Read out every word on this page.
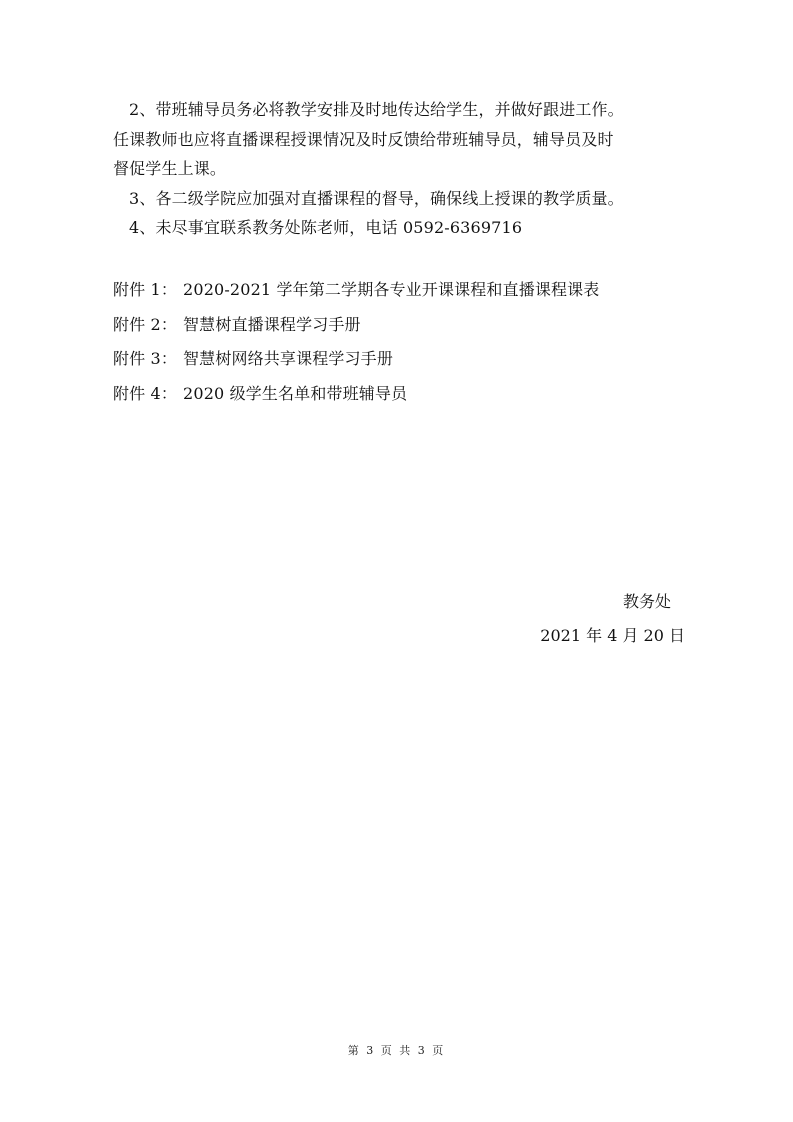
2、带班辅导员务必将教学安排及时地传达给学生，并做好跟进工作。

任课教师也应将直播课程授课情况及时反馈给带班辅导员，辅导员及时

督促学生上课。

3、各二级学院应加强对直播课程的督导，确保线上授课的教学质量。

4、未尽事宜联系教务处陈老师，电话 0592-6369716

附件 1： 2020-2021 学年第二学期各专业开课课程和直播课程课表

附件 2： 智慧树直播课程学习手册

附件 3： 智慧树网络共享课程学习手册

附件 4： 2020 级学生名单和带班辅导员

教务处

2021 年 4 月 20 日

第 3 页 共 3 页
